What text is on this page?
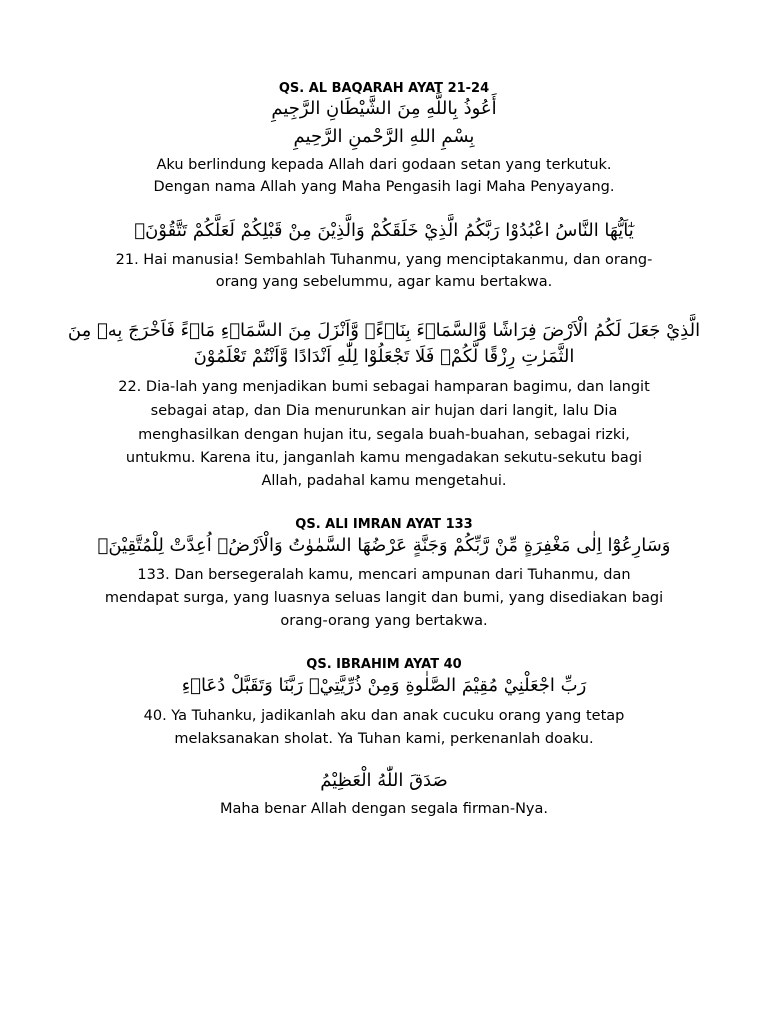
QS. AL BAQARAH AYAT 21-24
أَعُوذُ بِاللَّهِ مِنَ الشَّيْطَانِ الرَّجِيمِ
بِسْمِ اللهِ الرَّحْمنِ الرَّحِيمِ
Aku berlindung kepada Allah dari godaan setan yang terkutuk.
Dengan nama Allah yang Maha Pengasih lagi Maha Penyayang.
يٰٓاَيُّهَا النَّاسُ اعْبُدُوْا رَبَّكُمُ الَّذِيْ خَلَقَكُمْ وَالَّذِيْنَ مِنْ قَبْلِكُمْ لَعَلَّكُمْ تَتَّقُوْنَۙ
21. Hai manusia! Sembahlah Tuhanmu, yang menciptakanmu, dan orang-
orang yang sebelummu, agar kamu bertakwa.
الَّذِيْ جَعَلَ لَكُمُ الْاَرْضَ فِرَاشًا وَّالسَّمَاۤءَ بِنَاۤءًۖ وَّاَنْزَلَ مِنَ السَّمَاۤءِ مَاۤءً فَاَخْرَجَ بِهٖ مِنَ
الثَّمَرٰتِ رِزْقًا لَّكُمْۚ فَلَا تَجْعَلُوْا لِلّٰهِ اَنْدَادًا وَّاَنْتُمْ تَعْلَمُوْنَ
22. Dia-lah yang menjadikan bumi sebagai hamparan bagimu, dan langit
sebagai atap, dan Dia menurunkan air hujan dari langit, lalu Dia
menghasilkan dengan hujan itu, segala buah-buahan, sebagai rizki,
untukmu. Karena itu, janganlah kamu mengadakan sekutu-sekutu bagi
Allah, padahal kamu mengetahui.
QS. ALI IMRAN AYAT 133
وَسَارِعُوْٓا اِلٰى مَغْفِرَةٍ مِّنْ رَّبِّكُمْ وَجَنَّةٍ عَرْضُهَا السَّمٰوٰتُ وَالْاَرْضُۙ اُعِدَّتْ لِلْمُتَّقِيْنَۙ
133. Dan bersegeralah kamu, mencari ampunan dari Tuhanmu, dan
mendapat surga, yang luasnya seluas langit dan bumi, yang disediakan bagi
orang-orang yang bertakwa.
QS. IBRAHIM AYAT 40
رَبِّ اجْعَلْنِيْ مُقِيْمَ الصَّلٰوةِ وَمِنْ ذُرِّيَّتِيْۖ رَبَّنَا وَتَقَبَّلْ دُعَاۤءِ
40. Ya Tuhanku, jadikanlah aku dan anak cucuku orang yang tetap
melaksanakan sholat. Ya Tuhan kami, perkenanlah doaku.
صَدَقَ اللّٰهُ الْعَظِيْمُ
Maha benar Allah dengan segala firman-Nya.
